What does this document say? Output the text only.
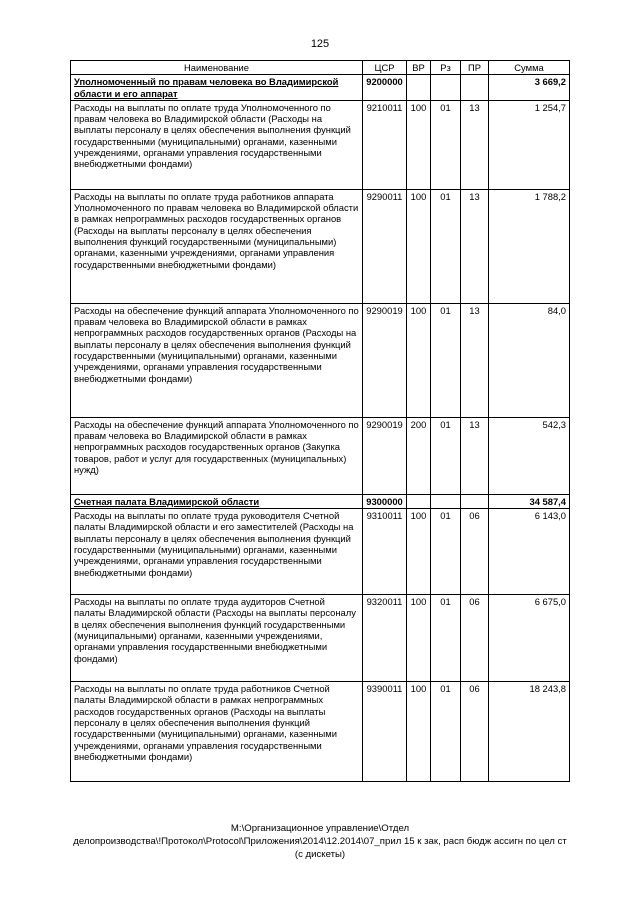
125
Наименование	ЦСР	ВР	Рз	ПР	Сумма
Уполномоченный по правам человека во Владимирской области и его аппарат	9200000				3 669,2
Расходы на выплаты по оплате труда Уполномоченного по правам человека во Владимирской области (Расходы на выплаты персоналу в целях обеспечения выполнения функций государственными (муниципальными) органами, казенными учреждениями, органами управления государственными внебюджетными фондами)	9210011	100	01	13	1 254,7
Расходы на выплаты по оплате труда работников аппарата Уполномоченного по правам человека во Владимирской области в рамках непрограммных расходов государственных органов (Расходы на выплаты персоналу в целях обеспечения выполнения функций государственными (муниципальными) органами, казенными учреждениями, органами управления государственными внебюджетными фондами)	9290011	100	01	13	1 788,2
Расходы на обеспечение функций аппарата Уполномоченного по правам человека во Владимирской области в рамках непрограммных расходов государственных органов (Расходы на выплаты персоналу в целях обеспечения выполнения функций государственными (муниципальными) органами, казенными учреждениями, органами управления государственными внебюджетными фондами)	9290019	100	01	13	84,0
Расходы на обеспечение функций аппарата Уполномоченного по правам человека во Владимирской области в рамках непрограммных расходов государственных органов (Закупка товаров, работ и услуг для государственных (муниципальных) нужд)	9290019	200	01	13	542,3
Счетная палата Владимирской области	9300000				34 587,4
Расходы на выплаты по оплате труда руководителя Счетной палаты Владимирской области и его заместителей (Расходы на выплаты персоналу в целях обеспечения выполнения функций государственными (муниципальными) органами, казенными учреждениями, органами управления государственными внебюджетными фондами)	9310011	100	01	06	6 143,0
Расходы на выплаты по оплате труда аудиторов Счетной палаты Владимирской области (Расходы на выплаты персоналу в целях обеспечения выполнения функций государственными (муниципальными) органами, казенными учреждениями, органами управления государственными внебюджетными фондами)	9320011	100	01	06	6 675,0
Расходы на выплаты по оплате труда работников Счетной палаты Владимирской области в рамках непрограммных расходов государственных органов (Расходы на выплаты персоналу в целях обеспечения выполнения функций государственными (муниципальными) органами, казенными учреждениями, органами управления государственными внебюджетными фондами)	9390011	100	01	06	18 243,8
М:\Организационное управление\Отдел
делопроизводства\!Протокол\Protocol\Приложения\2014\12.2014\07_прил 15 к зак, расп бюдж ассигн по цел ст
(с дискеты)
